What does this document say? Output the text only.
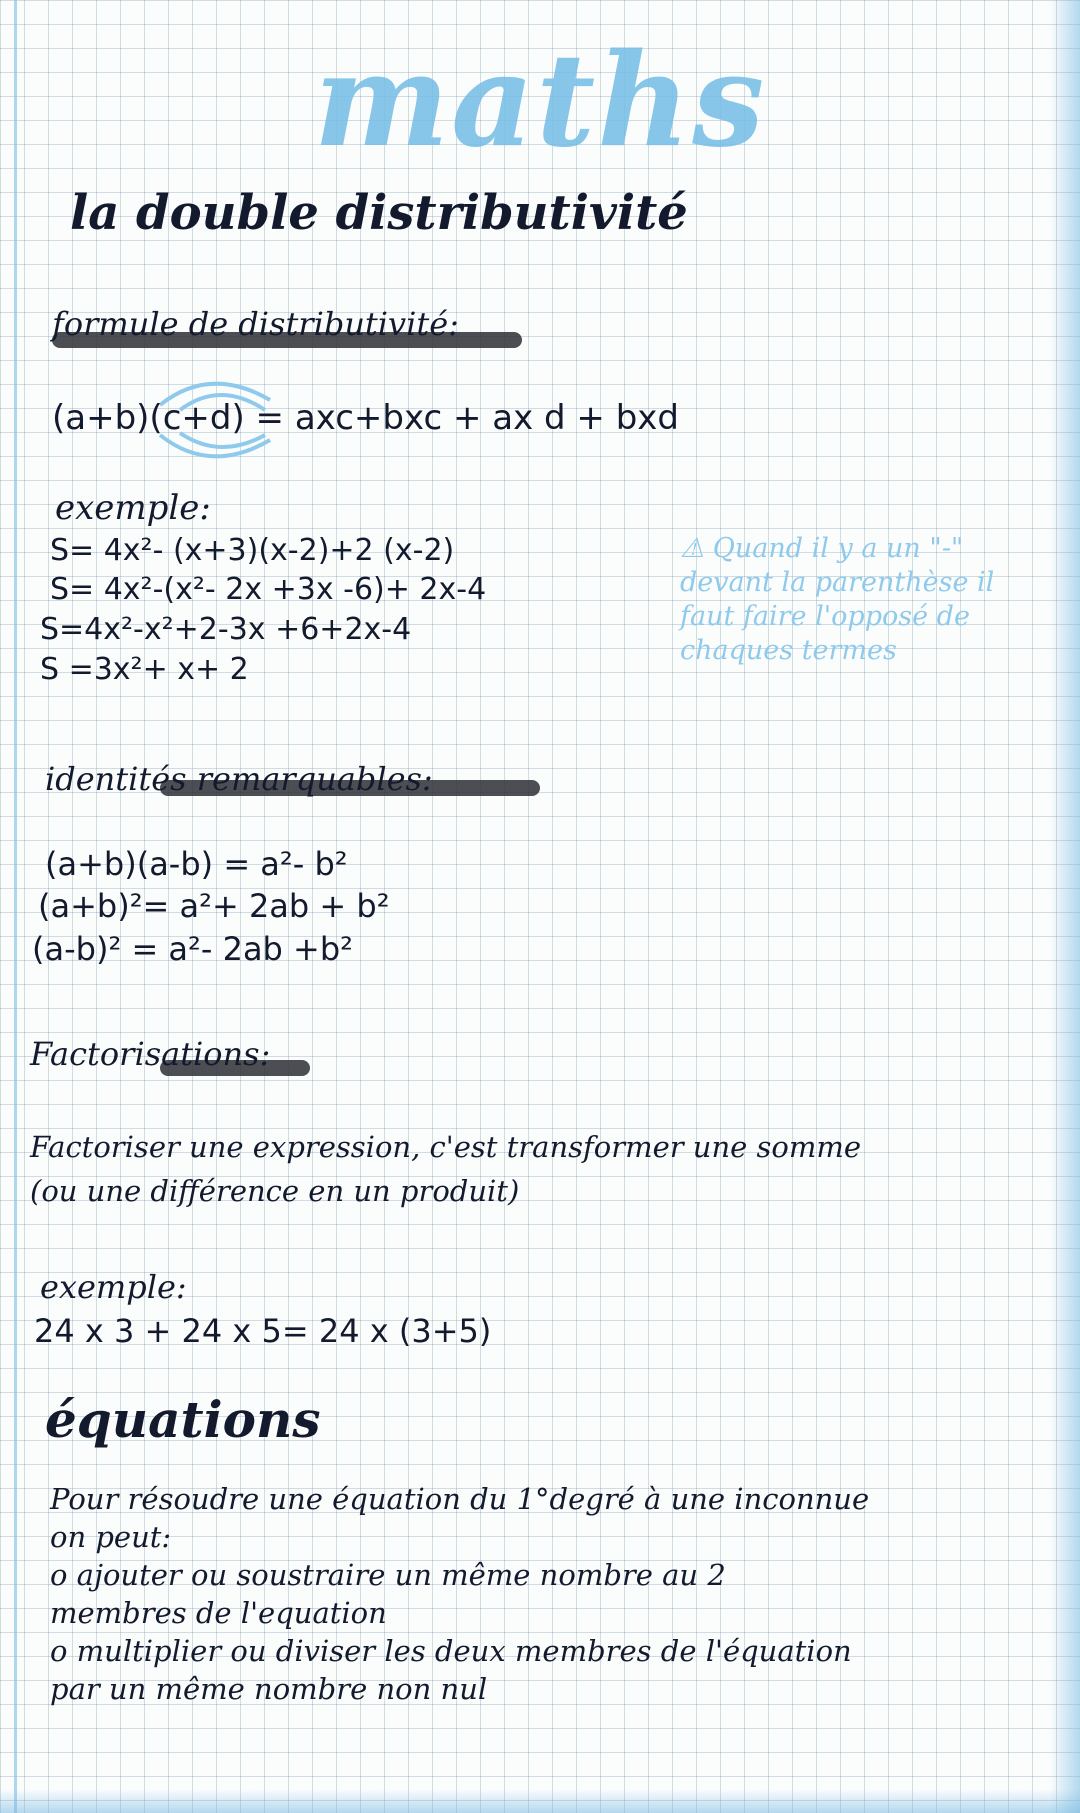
maths
la double distributivité
formule de distributivité:
(a+b)(c+d) = axc+bxc + ax d + bxd
exemple:
S= 4x²- (x+3)(x-2)+2 (x-2)
S= 4x²-(x²- 2x +3x -6)+ 2x-4
S=4x²-x²+2-3x +6+2x-4
S =3x²+ x+ 2
⚠ Quand il y a un "-"
devant la parenthèse il
faut faire l'opposé de
chaques termes
identités remarquables:
(a+b)(a-b) = a²- b²
(a+b)²= a²+ 2ab + b²
(a-b)² = a²- 2ab +b²
Factorisations:
Factoriser une expression, c'est transformer une somme
(ou une différence en un produit)
exemple:
24 x 3 + 24 x 5= 24 x (3+5)
équations
Pour résoudre une équation du 1°degré à une inconnue
on peut:
o ajouter ou soustraire un même nombre au 2
membres de l'equation
o multiplier ou diviser les deux membres de l'équation
par un même nombre non nul
